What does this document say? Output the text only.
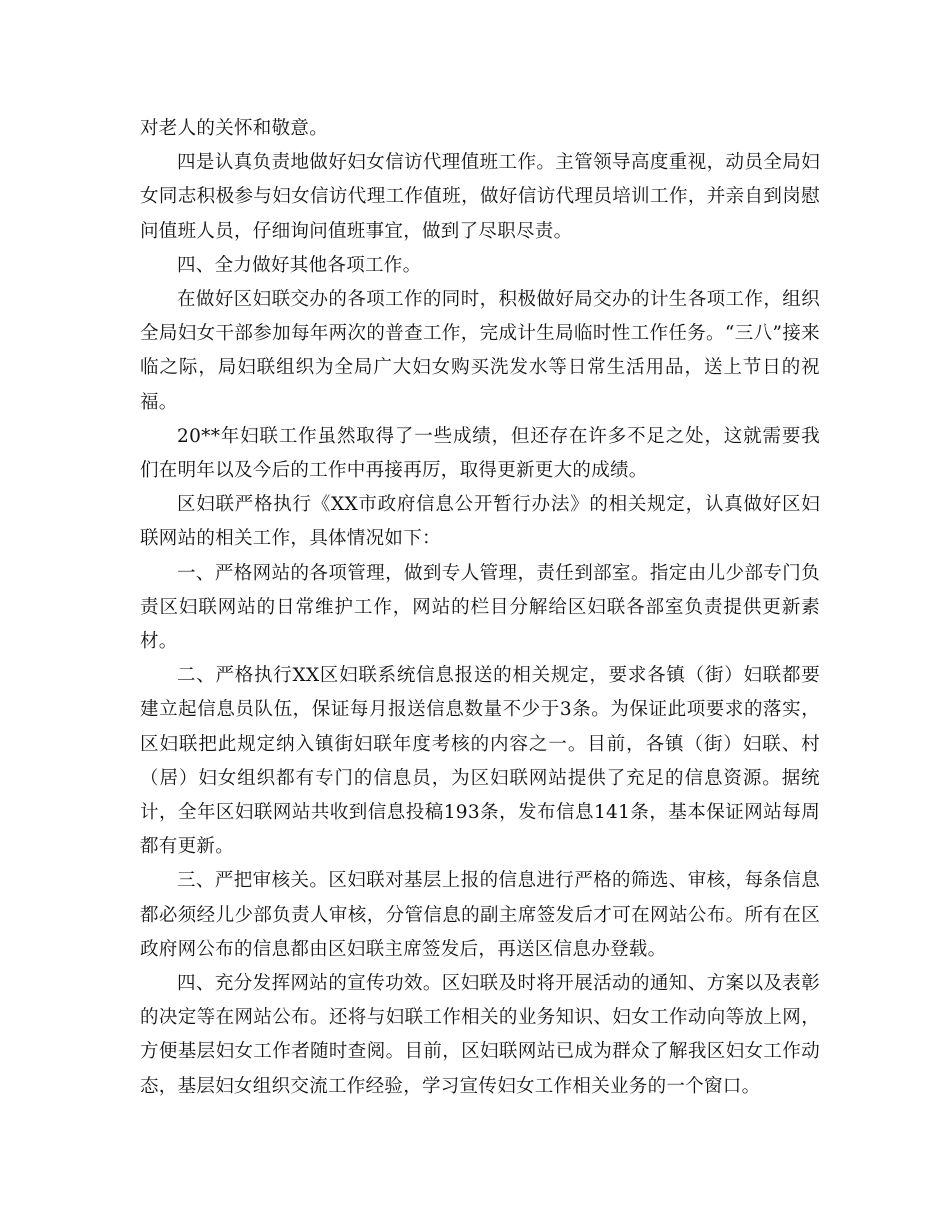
对老人的关怀和敬意。

四是认真负责地做好妇女信访代理值班工作。主管领导高度重视，动员全局妇女同志积极参与妇女信访代理工作值班，做好信访代理员培训工作，并亲自到岗慰问值班人员，仔细询问值班事宜，做到了尽职尽责。

四、全力做好其他各项工作。

在做好区妇联交办的各项工作的同时，积极做好局交办的计生各项工作，组织全局妇女干部参加每年两次的普查工作，完成计生局临时性工作任务。“三八”接来临之际，局妇联组织为全局广大妇女购买洗发水等日常生活用品，送上节日的祝福。

20**年妇联工作虽然取得了一些成绩，但还存在许多不足之处，这就需要我们在明年以及今后的工作中再接再厉，取得更新更大的成绩。

区妇联严格执行《XX市政府信息公开暂行办法》的相关规定，认真做好区妇联网站的相关工作，具体情况如下：

一、严格网站的各项管理，做到专人管理，责任到部室。指定由儿少部专门负责区妇联网站的日常维护工作，网站的栏目分解给区妇联各部室负责提供更新素材。

二、严格执行XX区妇联系统信息报送的相关规定，要求各镇（街）妇联都要建立起信息员队伍，保证每月报送信息数量不少于3条。为保证此项要求的落实，区妇联把此规定纳入镇街妇联年度考核的内容之一。目前，各镇（街）妇联、村（居）妇女组织都有专门的信息员，为区妇联网站提供了充足的信息资源。据统计，全年区妇联网站共收到信息投稿193条，发布信息141条，基本保证网站每周都有更新。

三、严把审核关。区妇联对基层上报的信息进行严格的筛选、审核，每条信息都必须经儿少部负责人审核，分管信息的副主席签发后才可在网站公布。所有在区政府网公布的信息都由区妇联主席签发后，再送区信息办登载。

四、充分发挥网站的宣传功效。区妇联及时将开展活动的通知、方案以及表彰的决定等在网站公布。还将与妇联工作相关的业务知识、妇女工作动向等放上网，方便基层妇女工作者随时查阅。目前，区妇联网站已成为群众了解我区妇女工作动态，基层妇女组织交流工作经验，学习宣传妇女工作相关业务的一个窗口。
